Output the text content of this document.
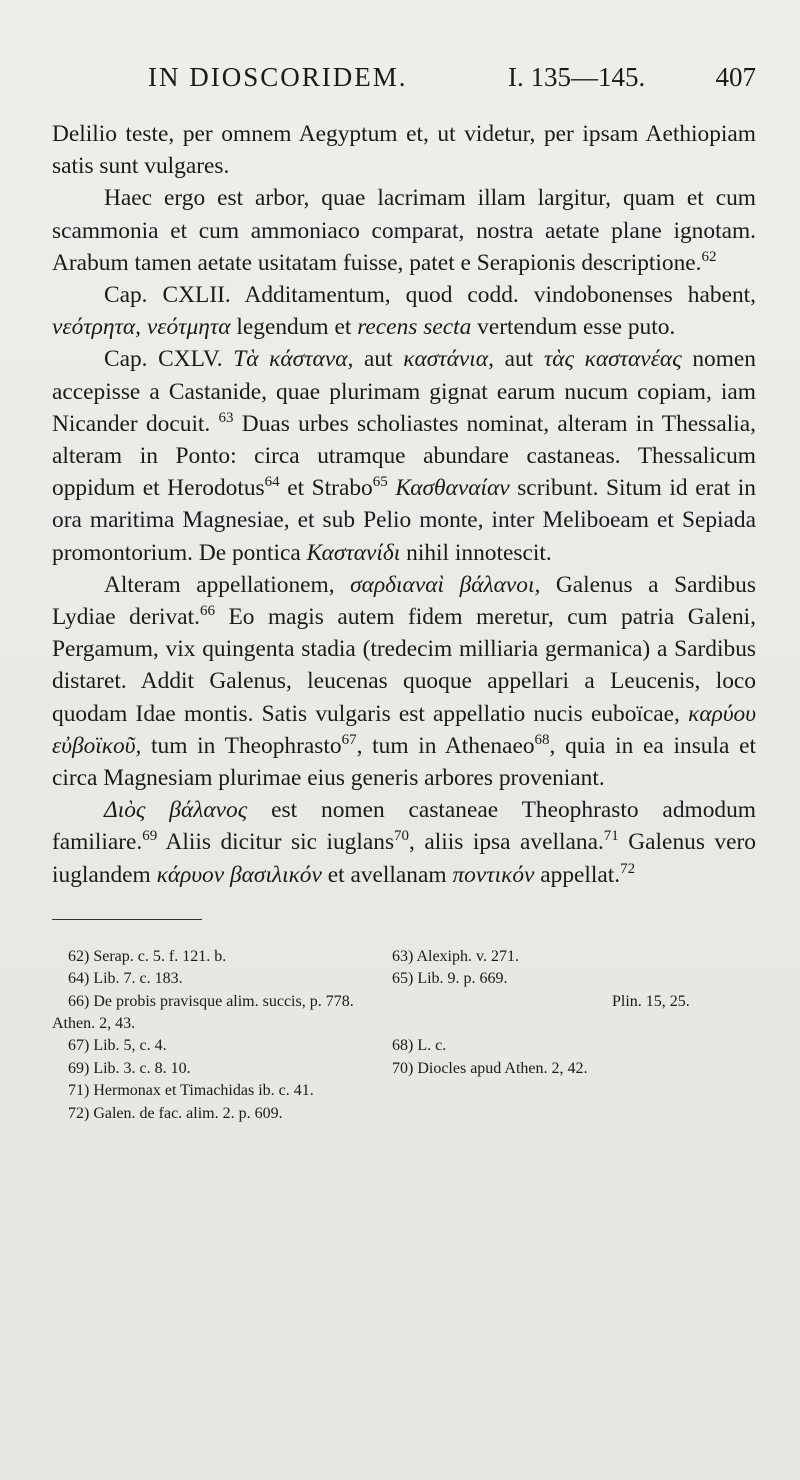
IN DIOSCORIDEM.	I. 135—145.	407

Delilio teste, per omnem Aegyptum et, ut videtur, per ipsam Aethiopiam satis sunt vulgares.

Haec ergo est arbor, quae lacrimam illam largitur, quam et cum scammonia et cum ammoniaco comparat, nostra aetate plane ignotam. Arabum tamen aetate usitatam fuisse, patet e Serapionis descriptione.$^{62}$

Cap. CXLII. Additamentum, quod codd. vindobonenses habent, νεότρητα, νεότμητα legendum et recens secta vertendum esse puto.

Cap. CXLV. Τὰ κάστανα, aut καστάνια, aut τὰς καστανέας nomen accepisse a Castanide, quae plurimam gignat earum nucum copiam, iam Nicander docuit. $^{63}$ Duas urbes scholiastes nominat, alteram in Thessalia, alteram in Ponto: circa utramque abundare castaneas. Thessalicum oppidum et Herodotus$^{64}$ et Strabo$^{65}$ Κασθαναίαν scribunt. Situm id erat in ora maritima Magnesiae, et sub Pelio monte, inter Meliboeam et Sepiada promontorium. De pontica Καστανίδι nihil innotescit.

Alteram appellationem, σαρδιαναὶ βάλανοι, Galenus a Sardibus Lydiae derivat.$^{66}$ Eo magis autem fidem meretur, cum patria Galeni, Pergamum, vix quingenta stadia (tredecim milliaria germanica) a Sardibus distaret. Addit Galenus, leucenas quoque appellari a Leucenis, loco quodam Idae montis. Satis vulgaris est appellatio nucis euboïcae, καρύου εὐβοϊκοῦ, tum in Theophrasto$^{67}$, tum in Athenaeo$^{68}$, quia in ea insula et circa Magnesiam plurimae eius generis arbores proveniant.

Διὸς βάλανος est nomen castaneae Theophrasto admodum familiare.$^{69}$ Aliis dicitur sic iuglans$^{70}$, aliis ipsa avellana.$^{71}$ Galenus vero iuglandem κάρυον βασιλικόν et avellanam ποντικόν appellat.$^{72}$

62) Serap. c. 5. f. 121. b.	63) Alexiph. v. 271.
64) Lib. 7. c. 183.	65) Lib. 9. p. 669.
66) De probis pravisque alim. succis, p. 778.	Plin. 15, 25.
Athen. 2, 43.
67) Lib. 5, c. 4.	68) L. c.
69) Lib. 3. c. 8. 10.	70) Diocles apud Athen. 2, 42.
71) Hermonax et Timachidas ib. c. 41.
72) Galen. de fac. alim. 2. p. 609.
